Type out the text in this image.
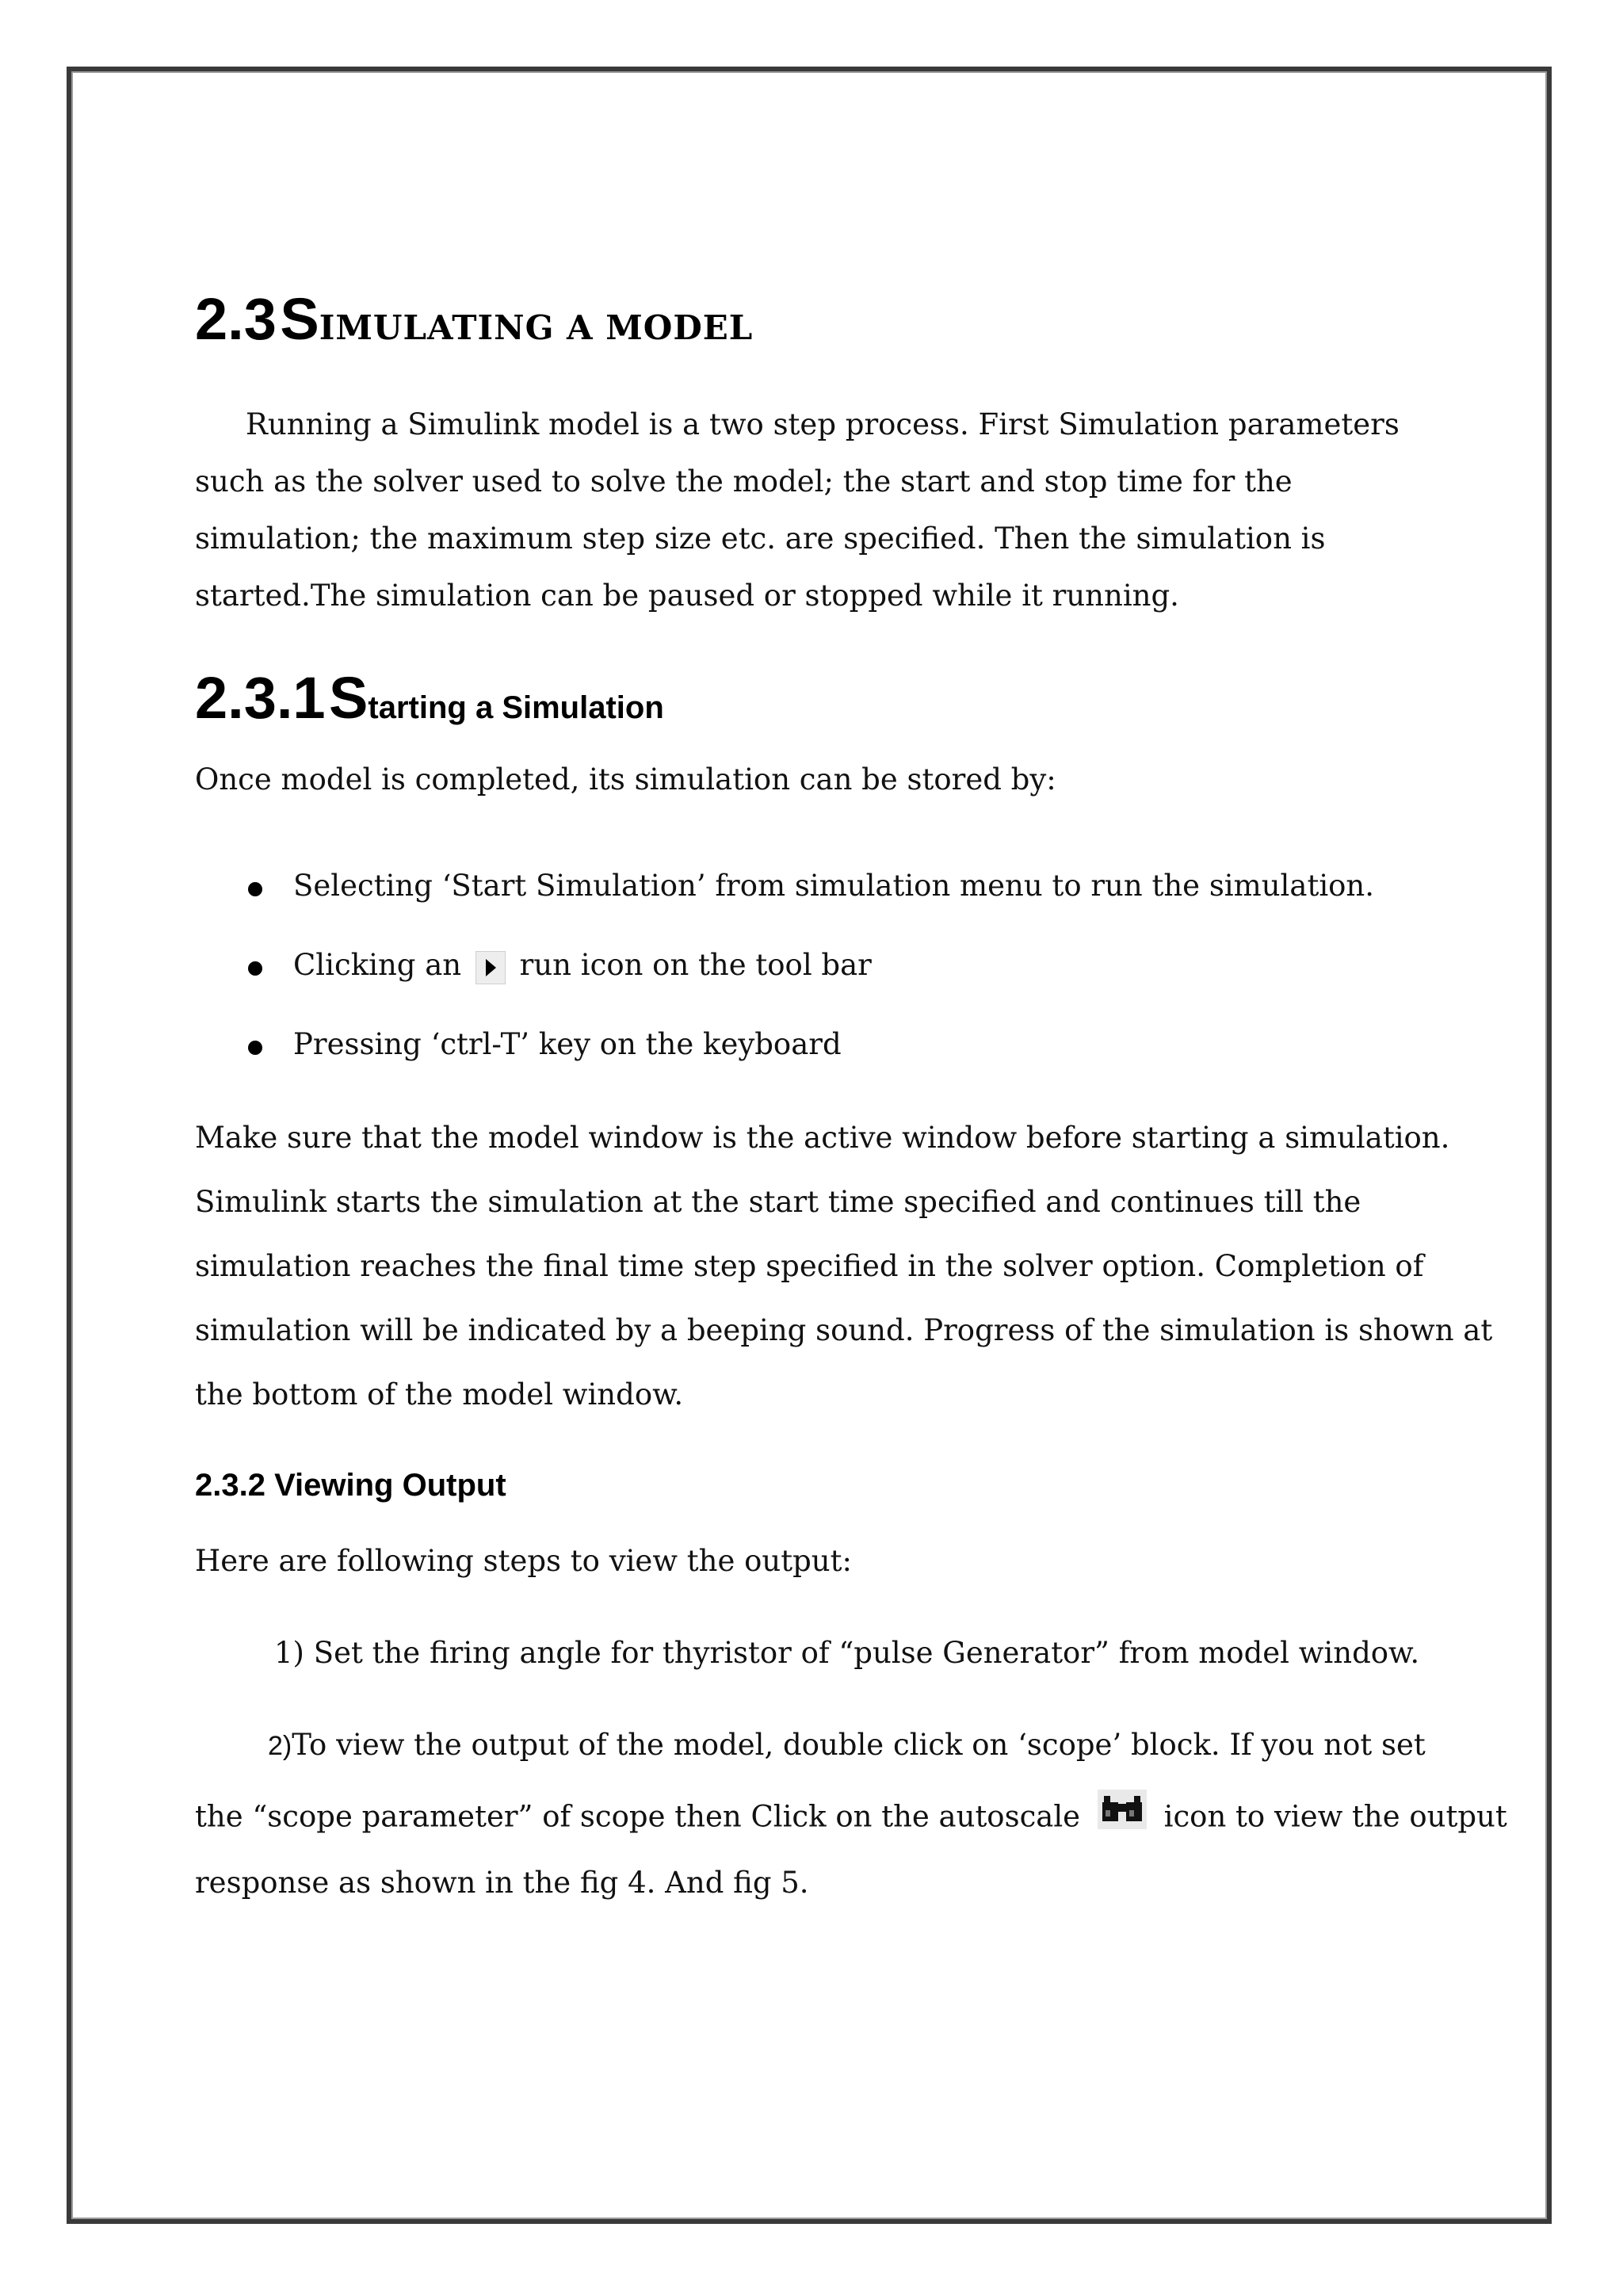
2.3 SIMULATING A MODEL
Running a Simulink model is a two step process. First Simulation parameters such as the solver used to solve the model; the start and stop time for the simulation; the maximum step size etc. are specified. Then the simulation is started.The simulation can be paused or stopped while it running.
2.3.1 Starting a Simulation
Once model is completed, its simulation can be stored by:
Selecting ‘Start Simulation’ from simulation menu to run the simulation.
Clicking an run icon on the tool bar
Pressing ‘ctrl-T’ key on the keyboard
Make sure that the model window is the active window before starting a simulation.
Simulink starts the simulation at the start time specified and continues till the
simulation reaches the final time step specified in the solver option. Completion of
simulation will be indicated by a beeping sound. Progress of the simulation is shown at
the bottom of the model window.
2.3.2 Viewing Output
Here are following steps to view the output:
1) Set the firing angle for thyristor of “pulse Generator” from model window.
2)To view the output of the model, double click on ‘scope’ block. If you not set
the “scope parameter” of scope then Click on the autoscale	icon to view the output
response as shown in the fig 4. And fig 5.
